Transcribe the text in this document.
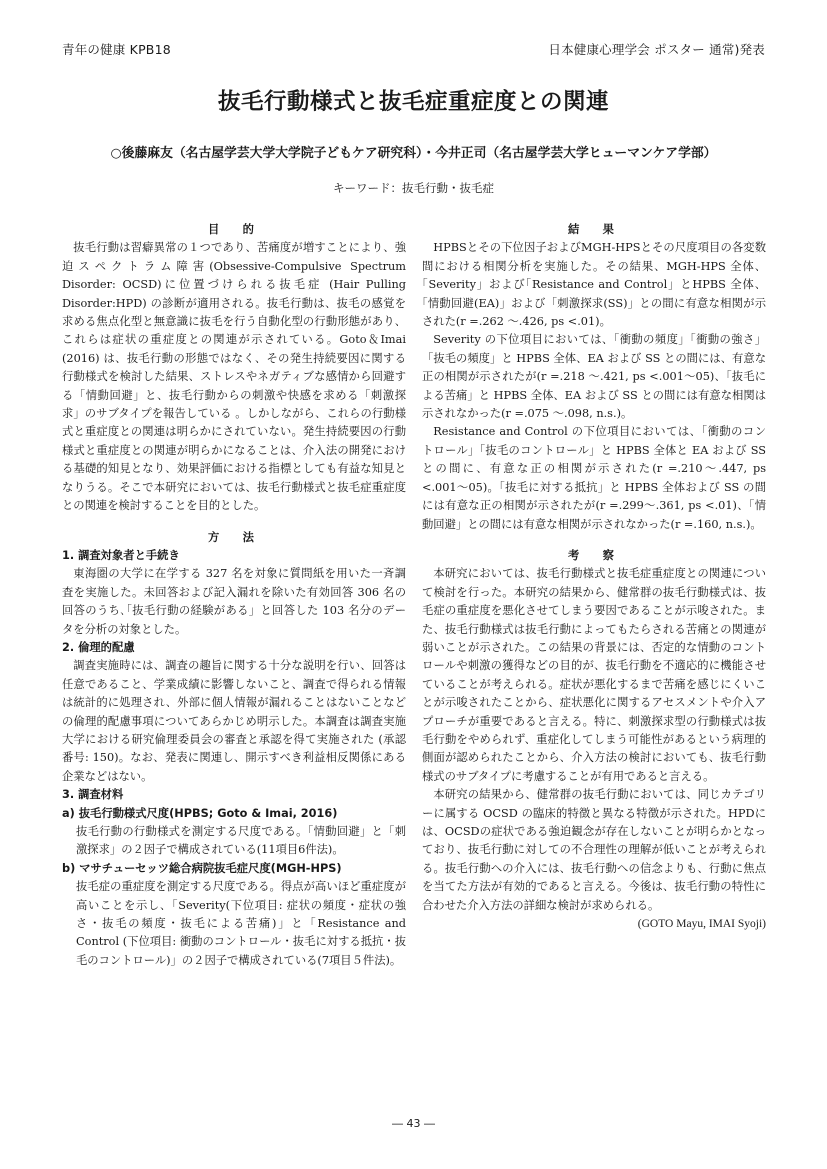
青年の健康 KPB18	日本健康心理学会 ポスター 通常)発表
抜毛行動様式と抜毛症重症度との関連
○後藤麻友（名古屋学芸大学大学院子どもケア研究科）・今井正司（名古屋学芸大学ヒューマンケア学部）
キーワード：抜毛行動・抜毛症
目　的

抜毛行動は習癖異常の１つであり、苦痛度が増すことにより、強迫スペクトラム障害(Obsessive-Compulsive Spectrum Disorder: OCSD)に位置づけられる抜毛症 (Hair Pulling Disorder:HPD) の診断が適用される。抜毛行動は、抜毛の感覚を求める焦点化型と無意識に抜毛を行う自動化型の行動形態があり、これらは症状の重症度との関連が示されている。Goto＆Imai (2016) は、抜毛行動の形態ではなく、その発生持続要因に関する行動様式を検討した結果、ストレスやネガティブな感情から回避する「情動回避」と、抜毛行動からの刺激や快感を求める「刺激探求」のサブタイプを報告している 。しかしながら、これらの行動様式と重症度との関連は明らかにされていない。発生持続要因の行動様式と重症度との関連が明らかになることは、介入法の開発における基礎的知見となり、効果評価における指標としても有益な知見となりうる。そこで本研究においては、抜毛行動様式と抜毛症重症度との関連を検討することを目的とした。

方　法
1. 調査対象者と手続き

東海圏の大学に在学する 327 名を対象に質問紙を用いた一斉調査を実施した。未回答および記入漏れを除いた有効回答 306 名の回答のうち､｢抜毛行動の経験がある」と回答した 103 名分のデータを分析の対象とした。

2. 倫理的配慮

調査実施時には、調査の趣旨に関する十分な説明を行い、回答は任意であること、学業成績に影響しないこと、調査で得られる情報は統計的に処理され、外部に個人情報が漏れることはないことなどの倫理的配慮事項についてあらかじめ明示した。本調査は調査実施大学における研究倫理委員会の審査と承認を得て実施された (承認番号: 150)。なお、発表に関連し、開示すべき利益相反関係にある企業などはない。

3. 調査材料
a) 抜毛行動様式尺度(HPBS; Goto & Imai, 2016)

抜毛行動の行動様式を測定する尺度である。｢情動回避」と「刺激探求」の２因子で構成されている(11項目6件法)。

b) マサチューセッツ総合病院抜毛症尺度(MGH-HPS)

抜毛症の重症度を測定する尺度である。得点が高いほど重症度が高いことを示し、｢Severity(下位項目: 症状の頻度・症状の強さ・抜毛の頻度・抜毛による苦痛)」と「Resistance and Control (下位項目: 衝動のコントロール・抜毛に対する抵抗・抜毛のコントロール)」の２因子で構成されている(7項目５件法)。

結　果

HPBSとその下位因子およびMGH-HPSとその尺度項目の各変数間における相関分析を実施した。その結果、MGH-HPS 全体、｢Severity」および｢Resistance and Control」とHPBS 全体、｢情動回避(EA)」および「刺激探求(SS)」との間に有意な相関が示された(r =.262 〜.426, ps <.01)。

Severity の下位項目においては、｢衝動の頻度」「衝動の強さ」「抜毛の頻度」と HPBS 全体、EA および SS との間には、有意な正の相関が示されたが(r =.218 〜.421, ps <.001〜05)、｢抜毛による苦痛」と HPBS 全体、EA および SS との間には有意な相関は示されなかった(r =.075 〜.098, n.s.)。

Resistance and Control の下位項目においては、｢衝動のコントロール」｢抜毛のコントロール」と HPBS 全体と EA および SS との間に、有意な正の相関が示された(r =.210〜.447, ps <.001〜05)。｢抜毛に対する抵抗」と HPBS 全体および SS の間には有意な正の相関が示されたが(r =.299〜.361, ps <.01)、｢情動回避」との間には有意な相関が示されなかった(r =.160, n.s.)。

考　察

本研究においては、抜毛行動様式と抜毛症重症度との関連について検討を行った。本研究の結果から、健常群の抜毛行動様式は、抜毛症の重症度を悪化させてしまう要因であることが示唆された。また、抜毛行動様式は抜毛行動によってもたらされる苦痛との関連が弱いことが示された。この結果の背景には、否定的な情動のコントロールや刺激の獲得などの目的が、抜毛行動を不適応的に機能させていることが考えられる。症状が悪化するまで苦痛を感じにくいことが示唆されたことから、症状悪化に関するアセスメントや介入アプローチが重要であると言える。特に、刺激探求型の行動様式は抜毛行動をやめられず、重症化してしまう可能性があるという病理的側面が認められたことから、介入方法の検討においても、抜毛行動様式のサブタイプに考慮することが有用であると言える。

本研究の結果から、健常群の抜毛行動においては、同じカテゴリーに属する OCSD の臨床的特徴と異なる特徴が示された。HPDには、OCSDの症状である強迫観念が存在しないことが明らかとなっており、抜毛行動に対しての不合理性の理解が低いことが考えられる。抜毛行動への介入には、抜毛行動への信念よりも、行動に焦点を当てた方法が有効的であると言える。今後は、抜毛行動の特性に合わせた介入方法の詳細な検討が求められる。

(GOTO Mayu, IMAI Syoji)

― 43 ―
